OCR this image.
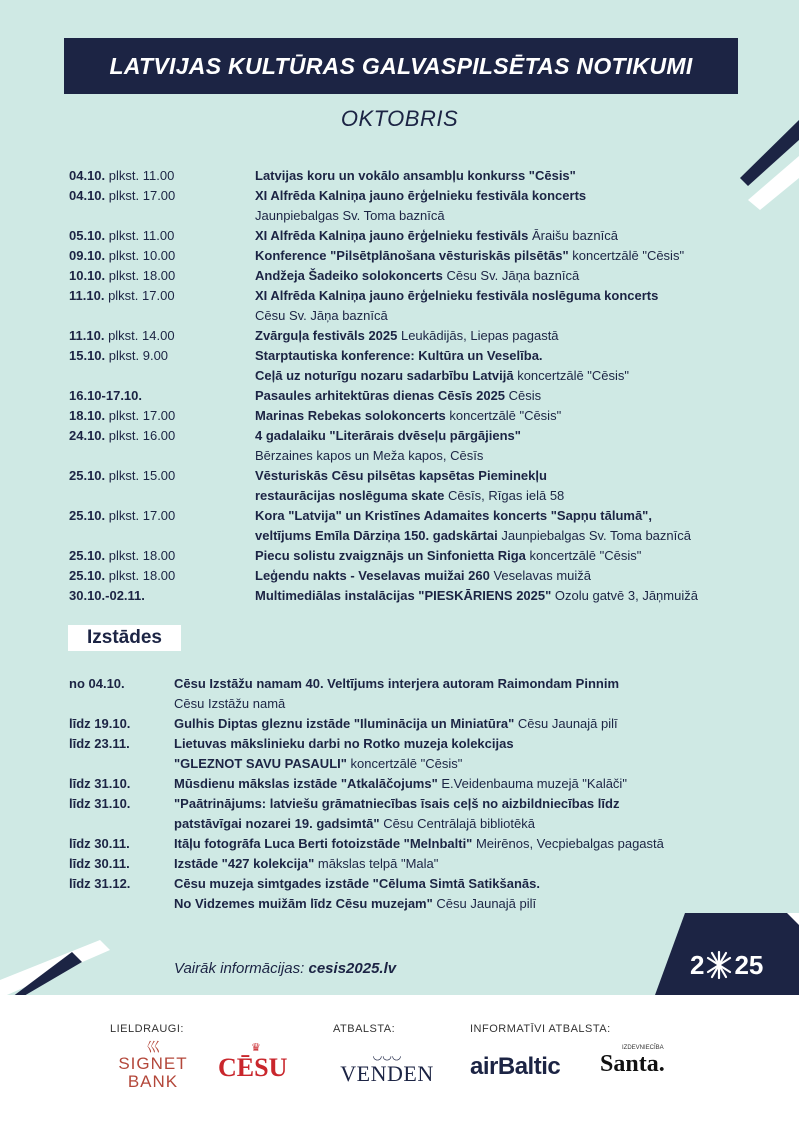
LATVIJAS KULTŪRAS GALVASPILSĒTAS NOTIKUMI
OKTOBRIS
04.10. plkst. 11.00	Latvijas koru un vokālo ansambļu konkurss "Cēsis"
04.10. plkst. 17.00	XI Alfrēda Kalniņa jauno ērģelnieku festivāla koncerts
Jaunpiebalgas Sv. Toma baznīcā
05.10. plkst. 11.00	XI Alfrēda Kalniņa jauno ērģelnieku festivāls Āraišu baznīcā
09.10. plkst. 10.00	Konference "Pilsētplānošana vēsturiskās pilsētās" koncertzālē "Cēsis"
10.10. plkst. 18.00	Andžeja Šadeiko solokoncerts Cēsu Sv. Jāņa baznīcā
11.10. plkst. 17.00	XI Alfrēda Kalniņa jauno ērģelnieku festivāla noslēguma koncerts
Cēsu Sv. Jāņa baznīcā
11.10. plkst. 14.00	Zvārguļa festivāls 2025 Leukādijās, Liepas pagastā
15.10. plkst. 9.00	Starptautiska konference: Kultūra un Veselība.
Ceļā uz noturīgu nozaru sadarbību Latvijā koncertzālē "Cēsis"
16.10-17.10.	Pasaules arhitektūras dienas Cēsīs 2025 Cēsis
18.10. plkst. 17.00	Marinas Rebekas solokoncerts koncertzālē "Cēsis"
24.10. plkst. 16.00	4 gadalaiku "Literārais dvēseļu pārgājiens"
Bērzaines kapos un Meža kapos, Cēsīs
25.10. plkst. 15.00	Vēsturiskās Cēsu pilsētas kapsētas Pieminekļu
restaurācijas noslēguma skate Cēsīs, Rīgas ielā 58
25.10. plkst. 17.00	Kora "Latvija" un Kristīnes Adamaites koncerts "Sapņu tālumā",
veltījums Emīla Dārziņa 150. gadskārtai Jaunpiebalgas Sv. Toma baznīcā
25.10. plkst. 18.00	Piecu solistu zvaigznājs un Sinfonietta Riga koncertzālē "Cēsis"
25.10. plkst. 18.00	Leģendu nakts - Veselavas muižai 260 Veselavas muižā
30.10.-02.11.	Multimediālas instalācijas "PIESKĀRIENS 2025" Ozolu gatvē 3, Jāņmuižā
Izstādes
no 04.10.	Cēsu Izstāžu namam 40. Veltījums interjera autoram Raimondam Pinnim
Cēsu Izstāžu namā
līdz 19.10.	Gulhis Diptas gleznu izstāde "Iluminācija un Miniatūra" Cēsu Jaunajā pilī
līdz 23.11.	Lietuvas mākslinieku darbi no Rotko muzeja kolekcijas
"GLEZNOT SAVU PASAULI" koncertzālē "Cēsis"
līdz 31.10.	Mūsdienu mākslas izstāde "Atkalāčojums" E.Veidenbauma muzejā "Kalāči"
līdz 31.10.	"Paātrinājums: latviešu grāmatniecības īsais ceļš no aizbildniecības līdz
patstāvīgai nozarei 19. gadsimtā" Cēsu Centrālajā bibliotēkā
līdz 30.11.	Itāļu fotogrāfa Luca Berti fotoizstāde "Melnbalti" Meirēnos, Vecpiebalgas pagastā
līdz 30.11.	Izstāde "427 kolekcija" mākslas telpā "Mala"
līdz 31.12.	Cēsu muzeja simtgades izstāde "Cēluma Simtā Satikšanās.
No Vidzemes muižām līdz Cēsu muzejam" Cēsu Jaunajā pilī
Vairāk informācijas: cesis2025.lv	2 25
LIELDRAUGI:	ATBALSTA:	INFORMATĪVI ATBALSTA:
⼮
SIGNET
BANK
♛
CĒSU	◡◡◡
VENDEN	airBaltic
IZDEVNIECĪBA
Santa.
